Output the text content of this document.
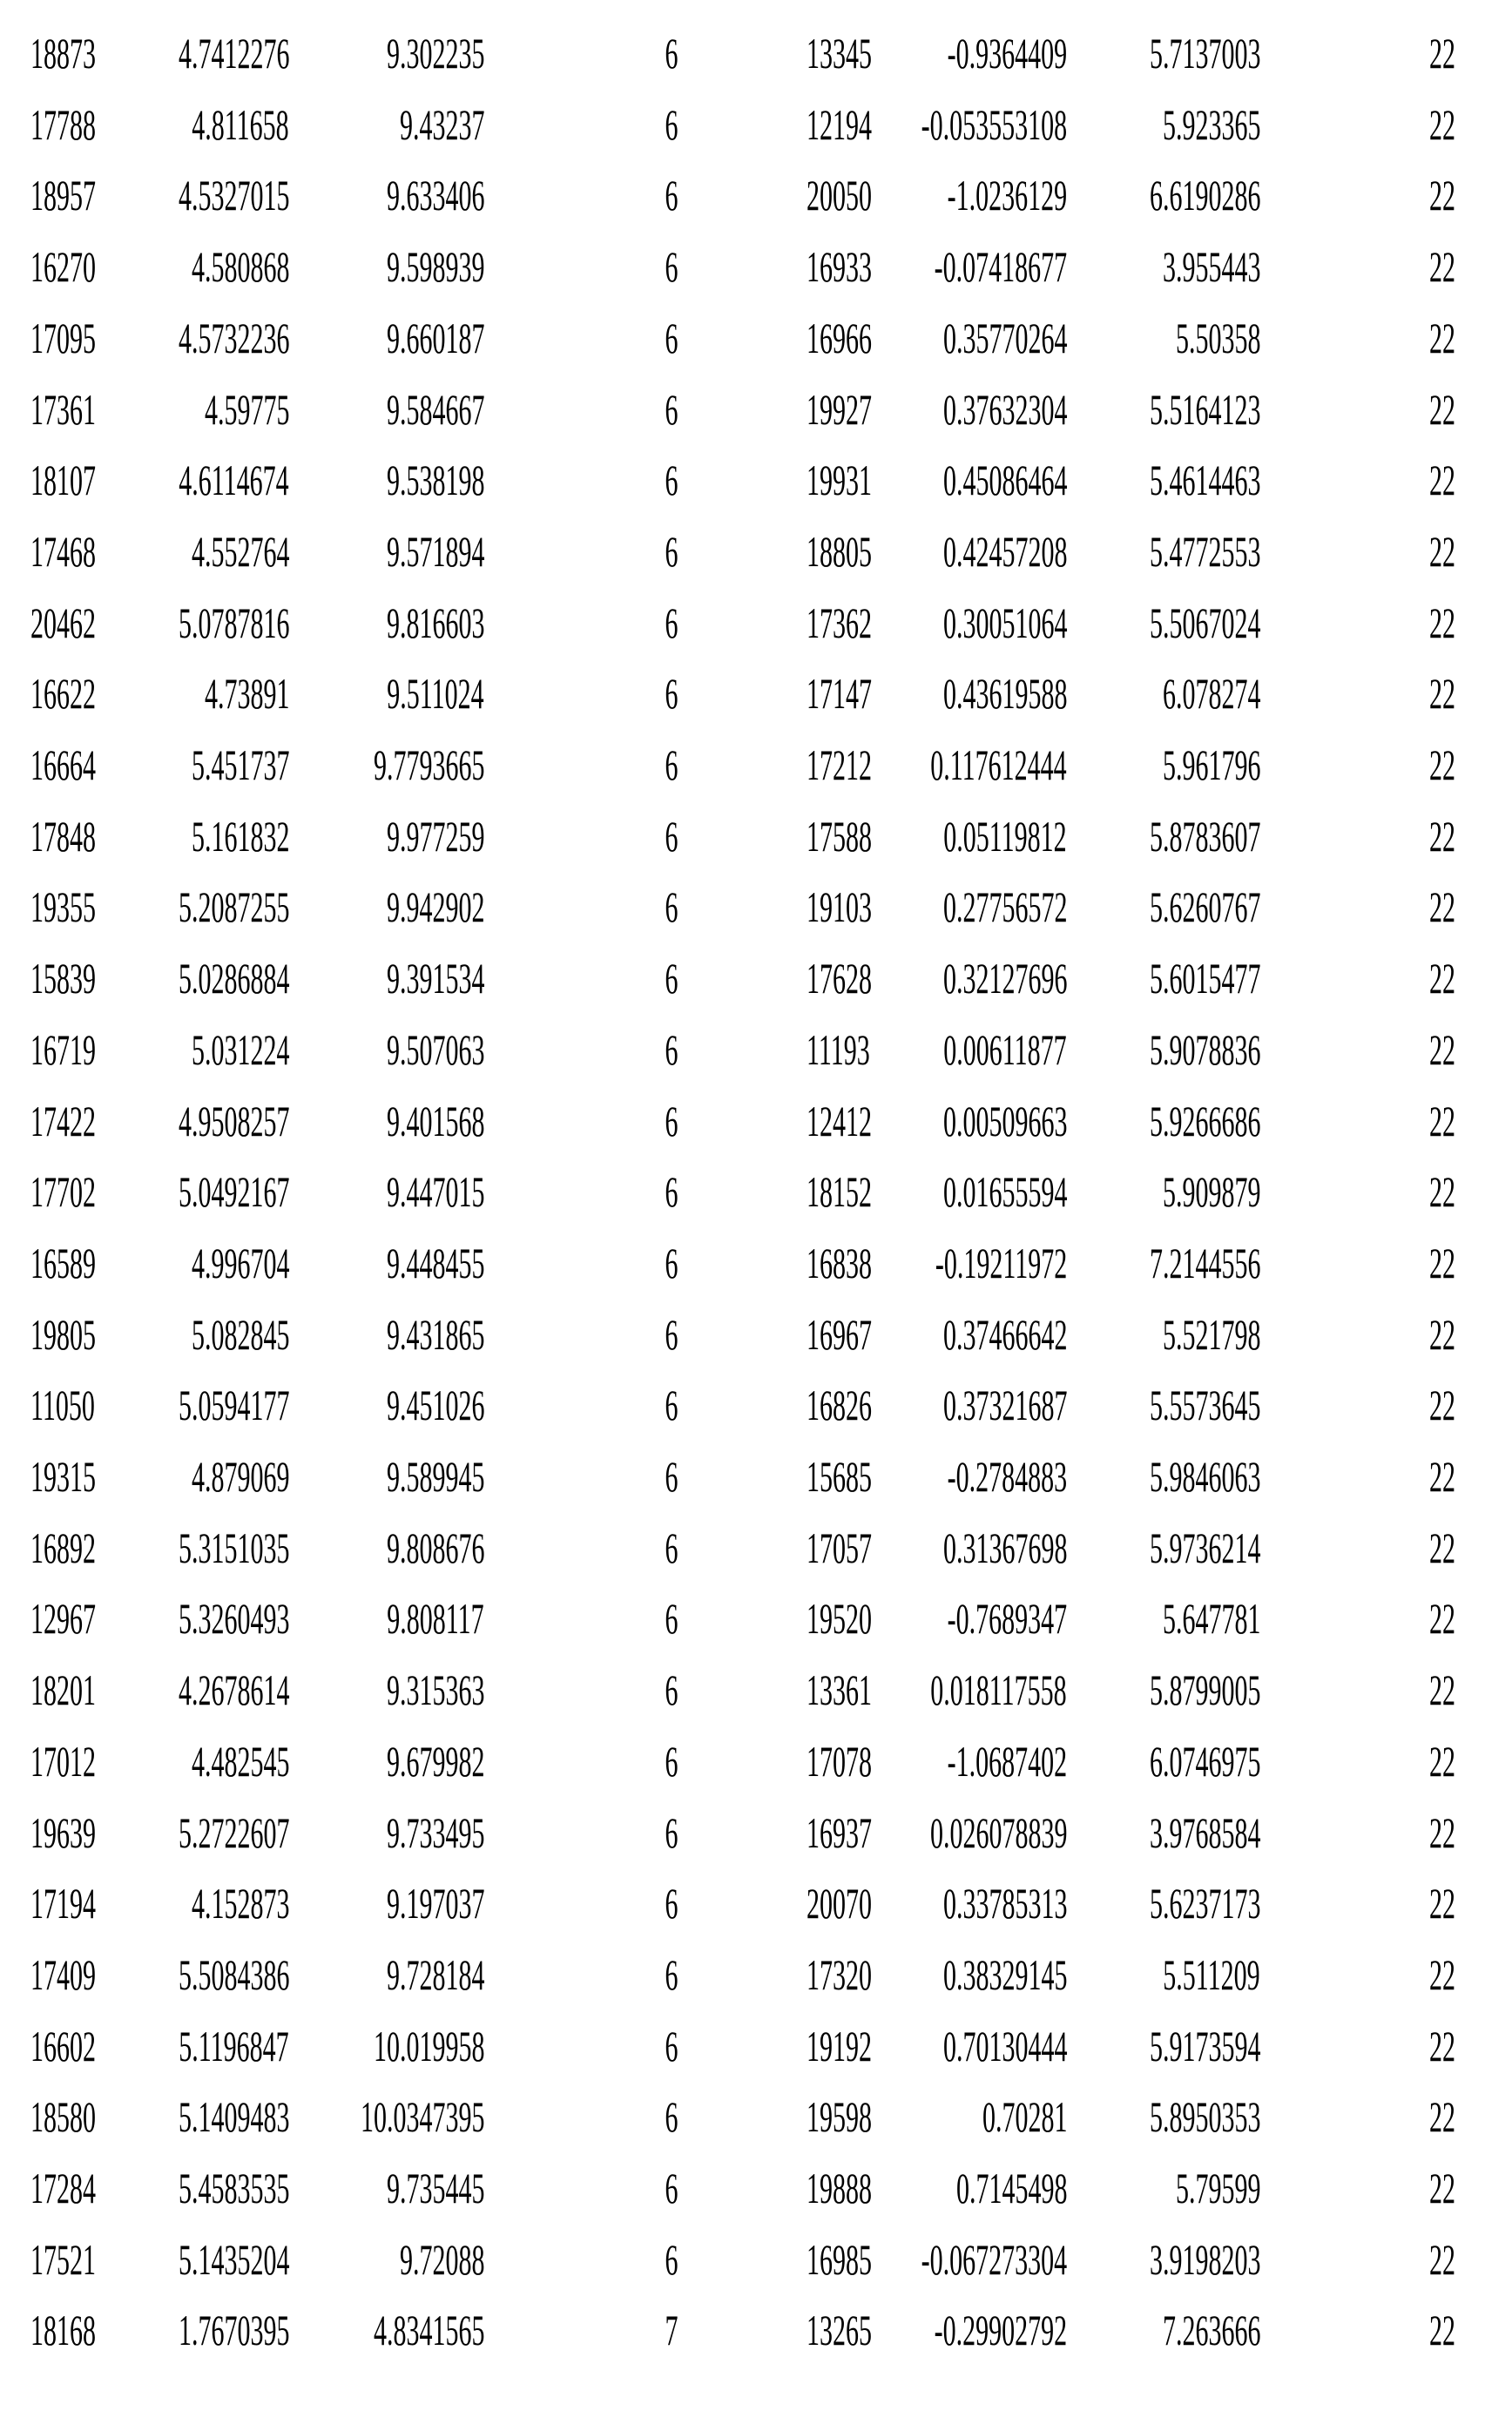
18873 4.7412276 9.302235	6	13345 -0.9364409 5.7137003	22
17788 4.811658	9.43237	6	12194 -0.053553108 5.923365	22
18957 4.5327015 9.633406	6	20050 -1.0236129 6.6190286	22
16270 4.580868 9.598939	6	16933 -0.07418677 3.955443	22
17095 4.5732236 9.660187	6	16966 0.35770264 5.50358	22
17361 4.59775 9.584667	6	19927 0.37632304 5.5164123	22
18107 4.6114674 9.538198	6	19931 0.45086464 5.4614463	22
17468 4.552764 9.571894	6	18805 0.42457208 5.4772553	22
20462 5.0787816 9.816603	6	17362 0.30051064 5.5067024	22
16622 4.73891 9.511024	6	17147 0.43619588 6.078274	22
16664 5.451737 9.7793665	6	17212 0.117612444 5.961796	22
17848 5.161832 9.977259	6	17588 0.05119812 5.8783607	22
19355 5.2087255 9.942902	6	19103 0.27756572 5.6260767	22
15839 5.0286884 9.391534	6	17628 0.32127696 5.6015477	22
16719 5.031224 9.507063	6	11193 0.00611877 5.9078836	22
17422 4.9508257 9.401568	6	12412 0.00509663 5.9266686	22
17702 5.0492167 9.447015	6	18152 0.01655594 5.909879	22
16589 4.996704 9.448455	6	16838 -0.19211972 7.2144556	22
19805 5.082845 9.431865	6	16967 0.37466642 5.521798	22
11050 5.0594177 9.451026	6	16826 0.37321687 5.5573645	22
19315 4.879069 9.589945	6	15685 -0.2784883 5.9846063	22
16892 5.3151035 9.808676	6	17057 0.31367698 5.9736214	22
12967 5.3260493 9.808117	6	19520 -0.7689347 5.647781	22
18201 4.2678614 9.315363	6	13361 0.018117558 5.8799005	22
17012 4.482545 9.679982	6	17078 -1.0687402 6.0746975	22
19639 5.2722607 9.733495	6	16937 0.026078839 3.9768584	22
17194 4.152873 9.197037	6	20070 0.33785313 5.6237173	22
17409 5.5084386 9.728184	6	17320 0.38329145 5.511209	22
16602 5.1196847 10.019958	6	19192 0.70130444 5.9173594	22
18580 5.1409483 10.0347395	6	19598	0.70281 5.8950353	22
17284 5.4583535 9.735445	6	19888 0.7145498 5.79599	22
17521 5.1435204	9.72088	6	16985 -0.067273304 3.9198203	22
18168 1.7670395 4.8341565	7	13265 -0.29902792 7.263666	22
